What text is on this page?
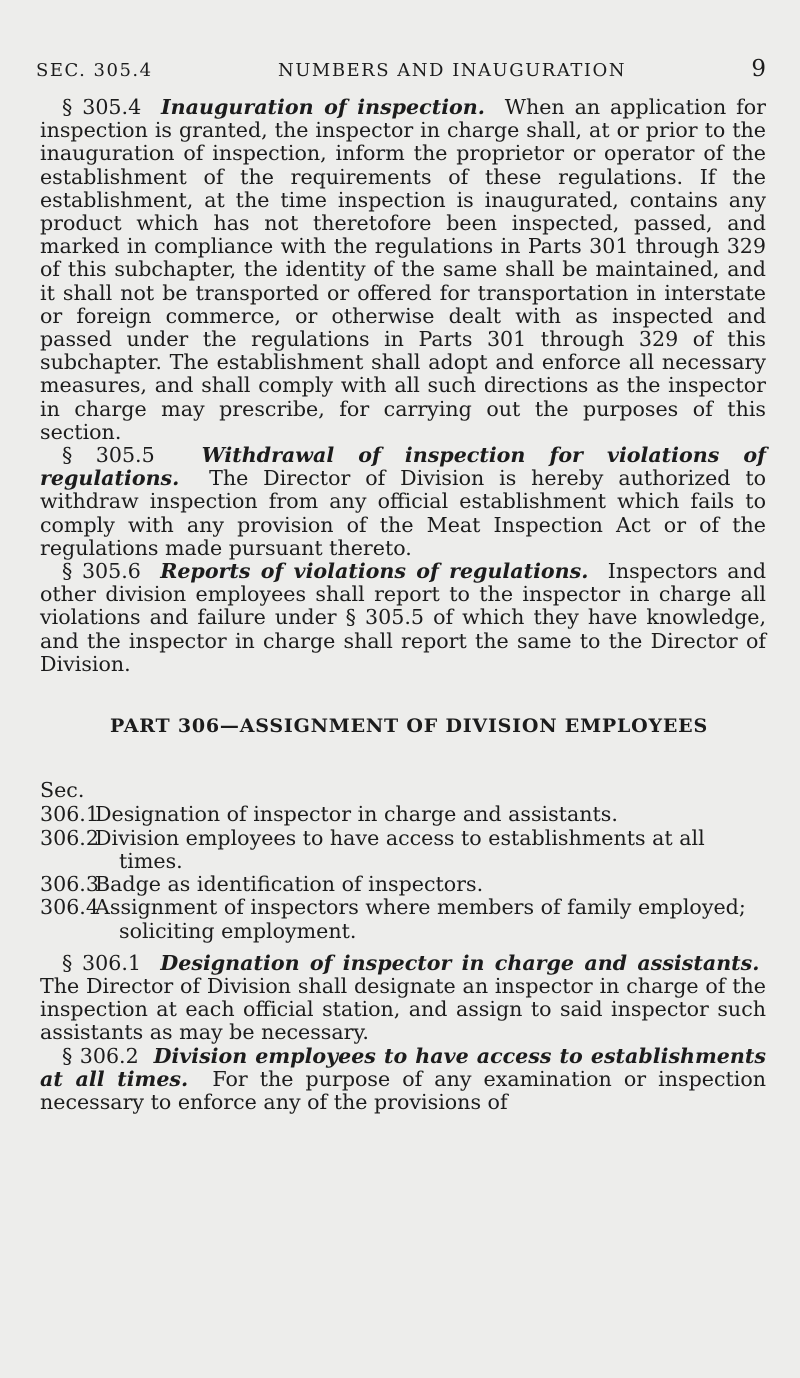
SEC. 305.4	NUMBERS AND INAUGURATION	9

§ 305.4 Inauguration of inspection. When an application for inspection is granted, the inspector in charge shall, at or prior to the inauguration of inspection, inform the proprietor or operator of the establishment of the requirements of these regulations. If the establishment, at the time inspection is inaugurated, contains any product which has not theretofore been inspected, passed, and marked in compliance with the regulations in Parts 301 through 329 of this subchapter, the identity of the same shall be maintained, and it shall not be transported or offered for transportation in interstate or foreign commerce, or otherwise dealt with as inspected and passed under the regulations in Parts 301 through 329 of this subchapter. The establishment shall adopt and enforce all necessary measures, and shall comply with all such directions as the inspector in charge may prescribe, for carrying out the purposes of this section.

§ 305.5 Withdrawal of inspection for violations of regulations. The Director of Division is hereby authorized to withdraw inspection from any official establishment which fails to comply with any provision of the Meat Inspection Act or of the regulations made pursuant thereto.

§ 305.6 Reports of violations of regulations. Inspectors and other division employees shall report to the inspector in charge all violations and failure under § 305.5 of which they have knowledge, and the inspector in charge shall report the same to the Director of Division.

PART 306—ASSIGNMENT OF DIVISION EMPLOYEES
Sec.
306.1
Designation of inspector in charge and assistants.
306.2
Division employees to have access to establishments at all
times.
306.3
Badge as identification of inspectors.
306.4
Assignment of inspectors where members of family employed;
soliciting employment.

§ 306.1 Designation of inspector in charge and assistants.  The Director of Division shall designate an inspector in charge of the inspection at each official station, and assign to said inspector such assistants as may be necessary.

§ 306.2 Division employees to have access to establishments at all times. For the purpose of any examination or inspection necessary to enforce any of the provisions of
